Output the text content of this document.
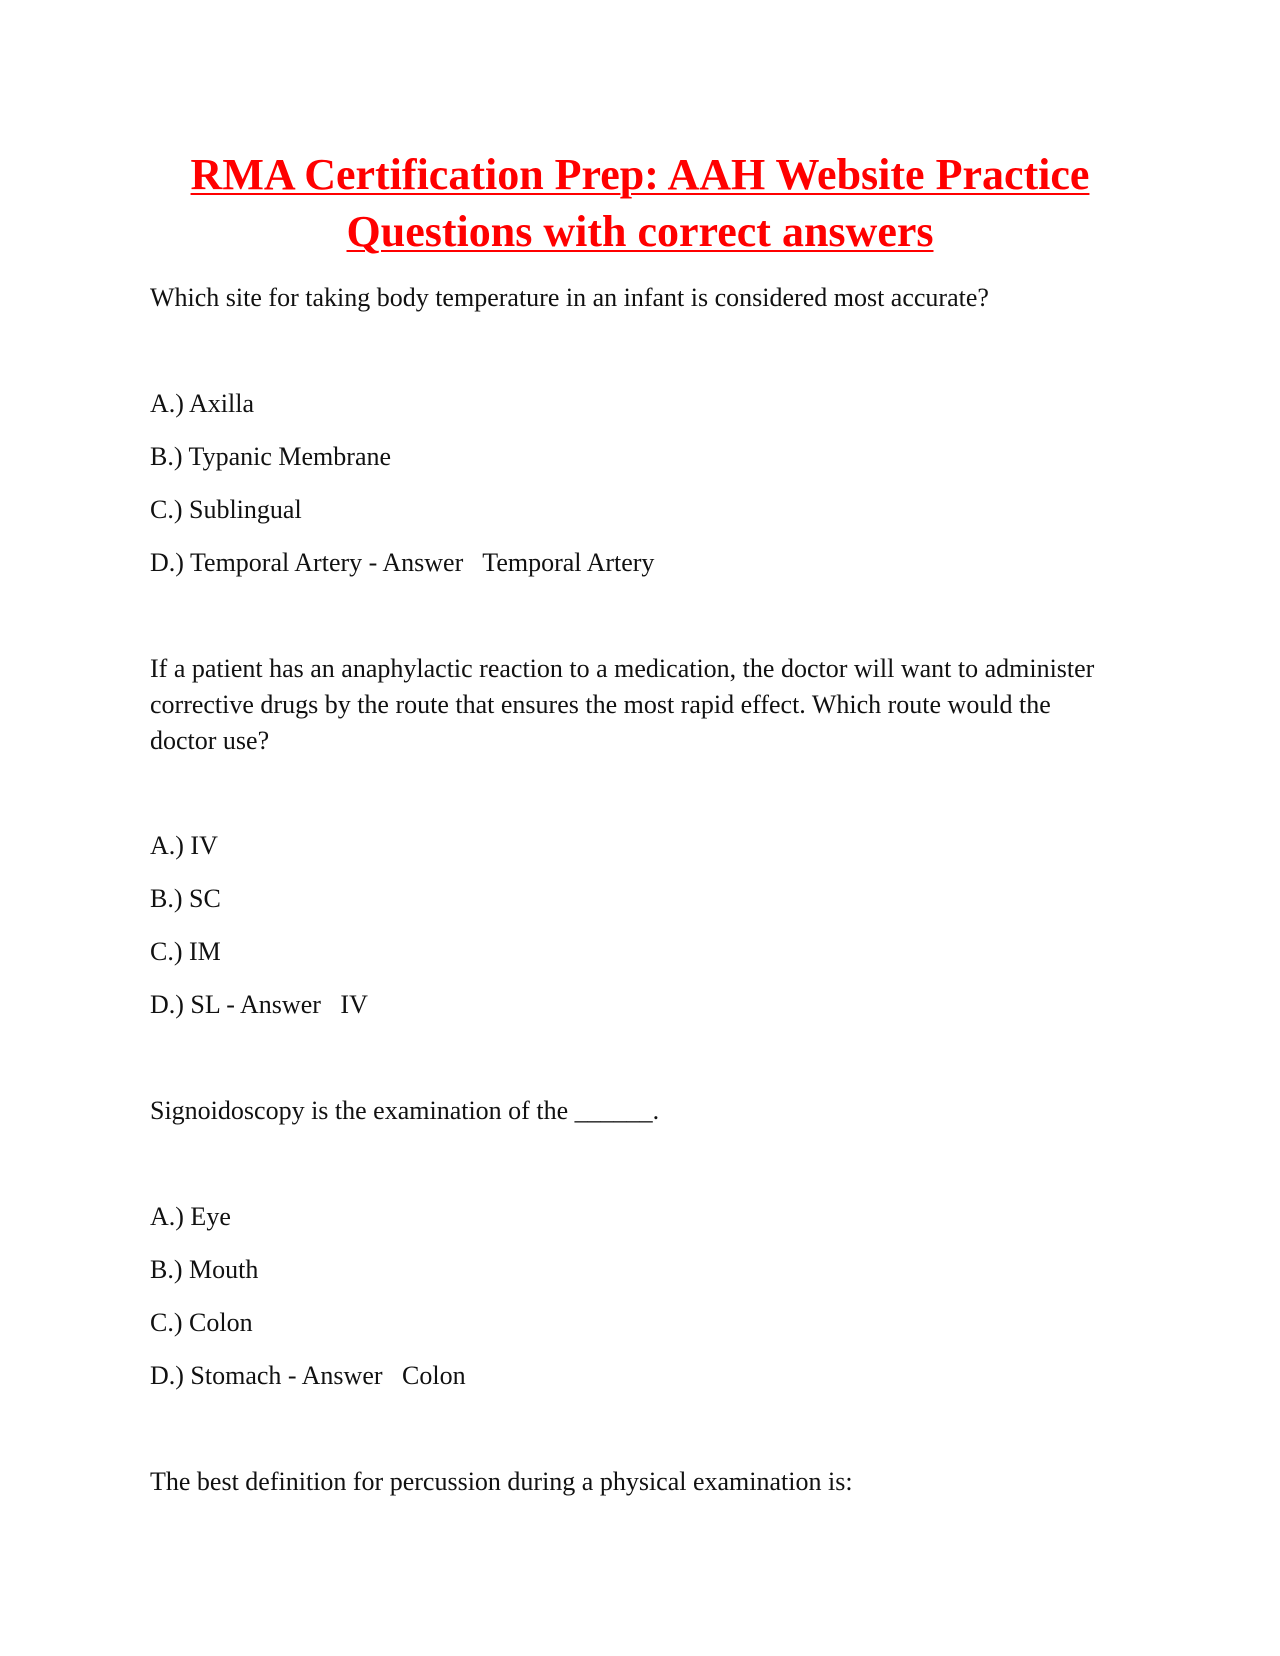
RMA Certification Prep: AAH Website Practice Questions with correct answers

Which site for taking body temperature in an infant is considered most accurate?

A.) Axilla

B.) Typanic Membrane

C.) Sublingual

D.) Temporal Artery - Answer   Temporal Artery

If a patient has an anaphylactic reaction to a medication, the doctor will want to administer corrective drugs by the route that ensures the most rapid effect. Which route would the doctor use?

A.) IV

B.) SC

C.) IM

D.) SL - Answer   IV

Signoidoscopy is the examination of the ______.

A.) Eye

B.) Mouth

C.) Colon

D.) Stomach - Answer   Colon

The best definition for percussion during a physical examination is:
